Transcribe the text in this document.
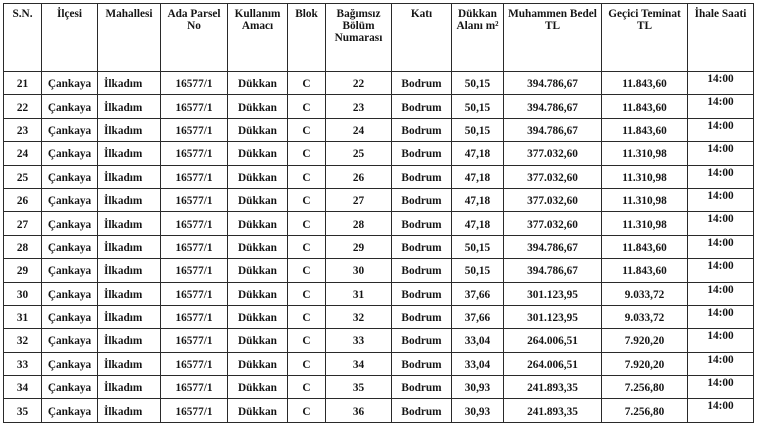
S.N.	İlçesi	Mahallesi	Ada Parsel No	Kullanım Amacı	Blok	Bağımsız Bölüm Numarası	Katı	Dükkan Alanı m²	Muhammen Bedel TL	Geçici Teminat TL	İhale Saati
21	Çankaya	İlkadım	16577/1	Dükkan	C	22	Bodrum	50,15	394.786,67	11.843,60	14:00
22	Çankaya	İlkadım	16577/1	Dükkan	C	23	Bodrum	50,15	394.786,67	11.843,60	14:00
23	Çankaya	İlkadım	16577/1	Dükkan	C	24	Bodrum	50,15	394.786,67	11.843,60	14:00
24	Çankaya	İlkadım	16577/1	Dükkan	C	25	Bodrum	47,18	377.032,60	11.310,98	14:00
25	Çankaya	İlkadım	16577/1	Dükkan	C	26	Bodrum	47,18	377.032,60	11.310,98	14:00
26	Çankaya	İlkadım	16577/1	Dükkan	C	27	Bodrum	47,18	377.032,60	11.310,98	14:00
27	Çankaya	İlkadım	16577/1	Dükkan	C	28	Bodrum	47,18	377.032,60	11.310,98	14:00
28	Çankaya	İlkadım	16577/1	Dükkan	C	29	Bodrum	50,15	394.786,67	11.843,60	14:00
29	Çankaya	İlkadım	16577/1	Dükkan	C	30	Bodrum	50,15	394.786,67	11.843,60	14:00
30	Çankaya	İlkadım	16577/1	Dükkan	C	31	Bodrum	37,66	301.123,95	9.033,72	14:00
31	Çankaya	İlkadım	16577/1	Dükkan	C	32	Bodrum	37,66	301.123,95	9.033,72	14:00
32	Çankaya	İlkadım	16577/1	Dükkan	C	33	Bodrum	33,04	264.006,51	7.920,20	14:00
33	Çankaya	İlkadım	16577/1	Dükkan	C	34	Bodrum	33,04	264.006,51	7.920,20	14:00
34	Çankaya	İlkadım	16577/1	Dükkan	C	35	Bodrum	30,93	241.893,35	7.256,80	14:00
35	Çankaya	İlkadım	16577/1	Dükkan	C	36	Bodrum	30,93	241.893,35	7.256,80	14:00
